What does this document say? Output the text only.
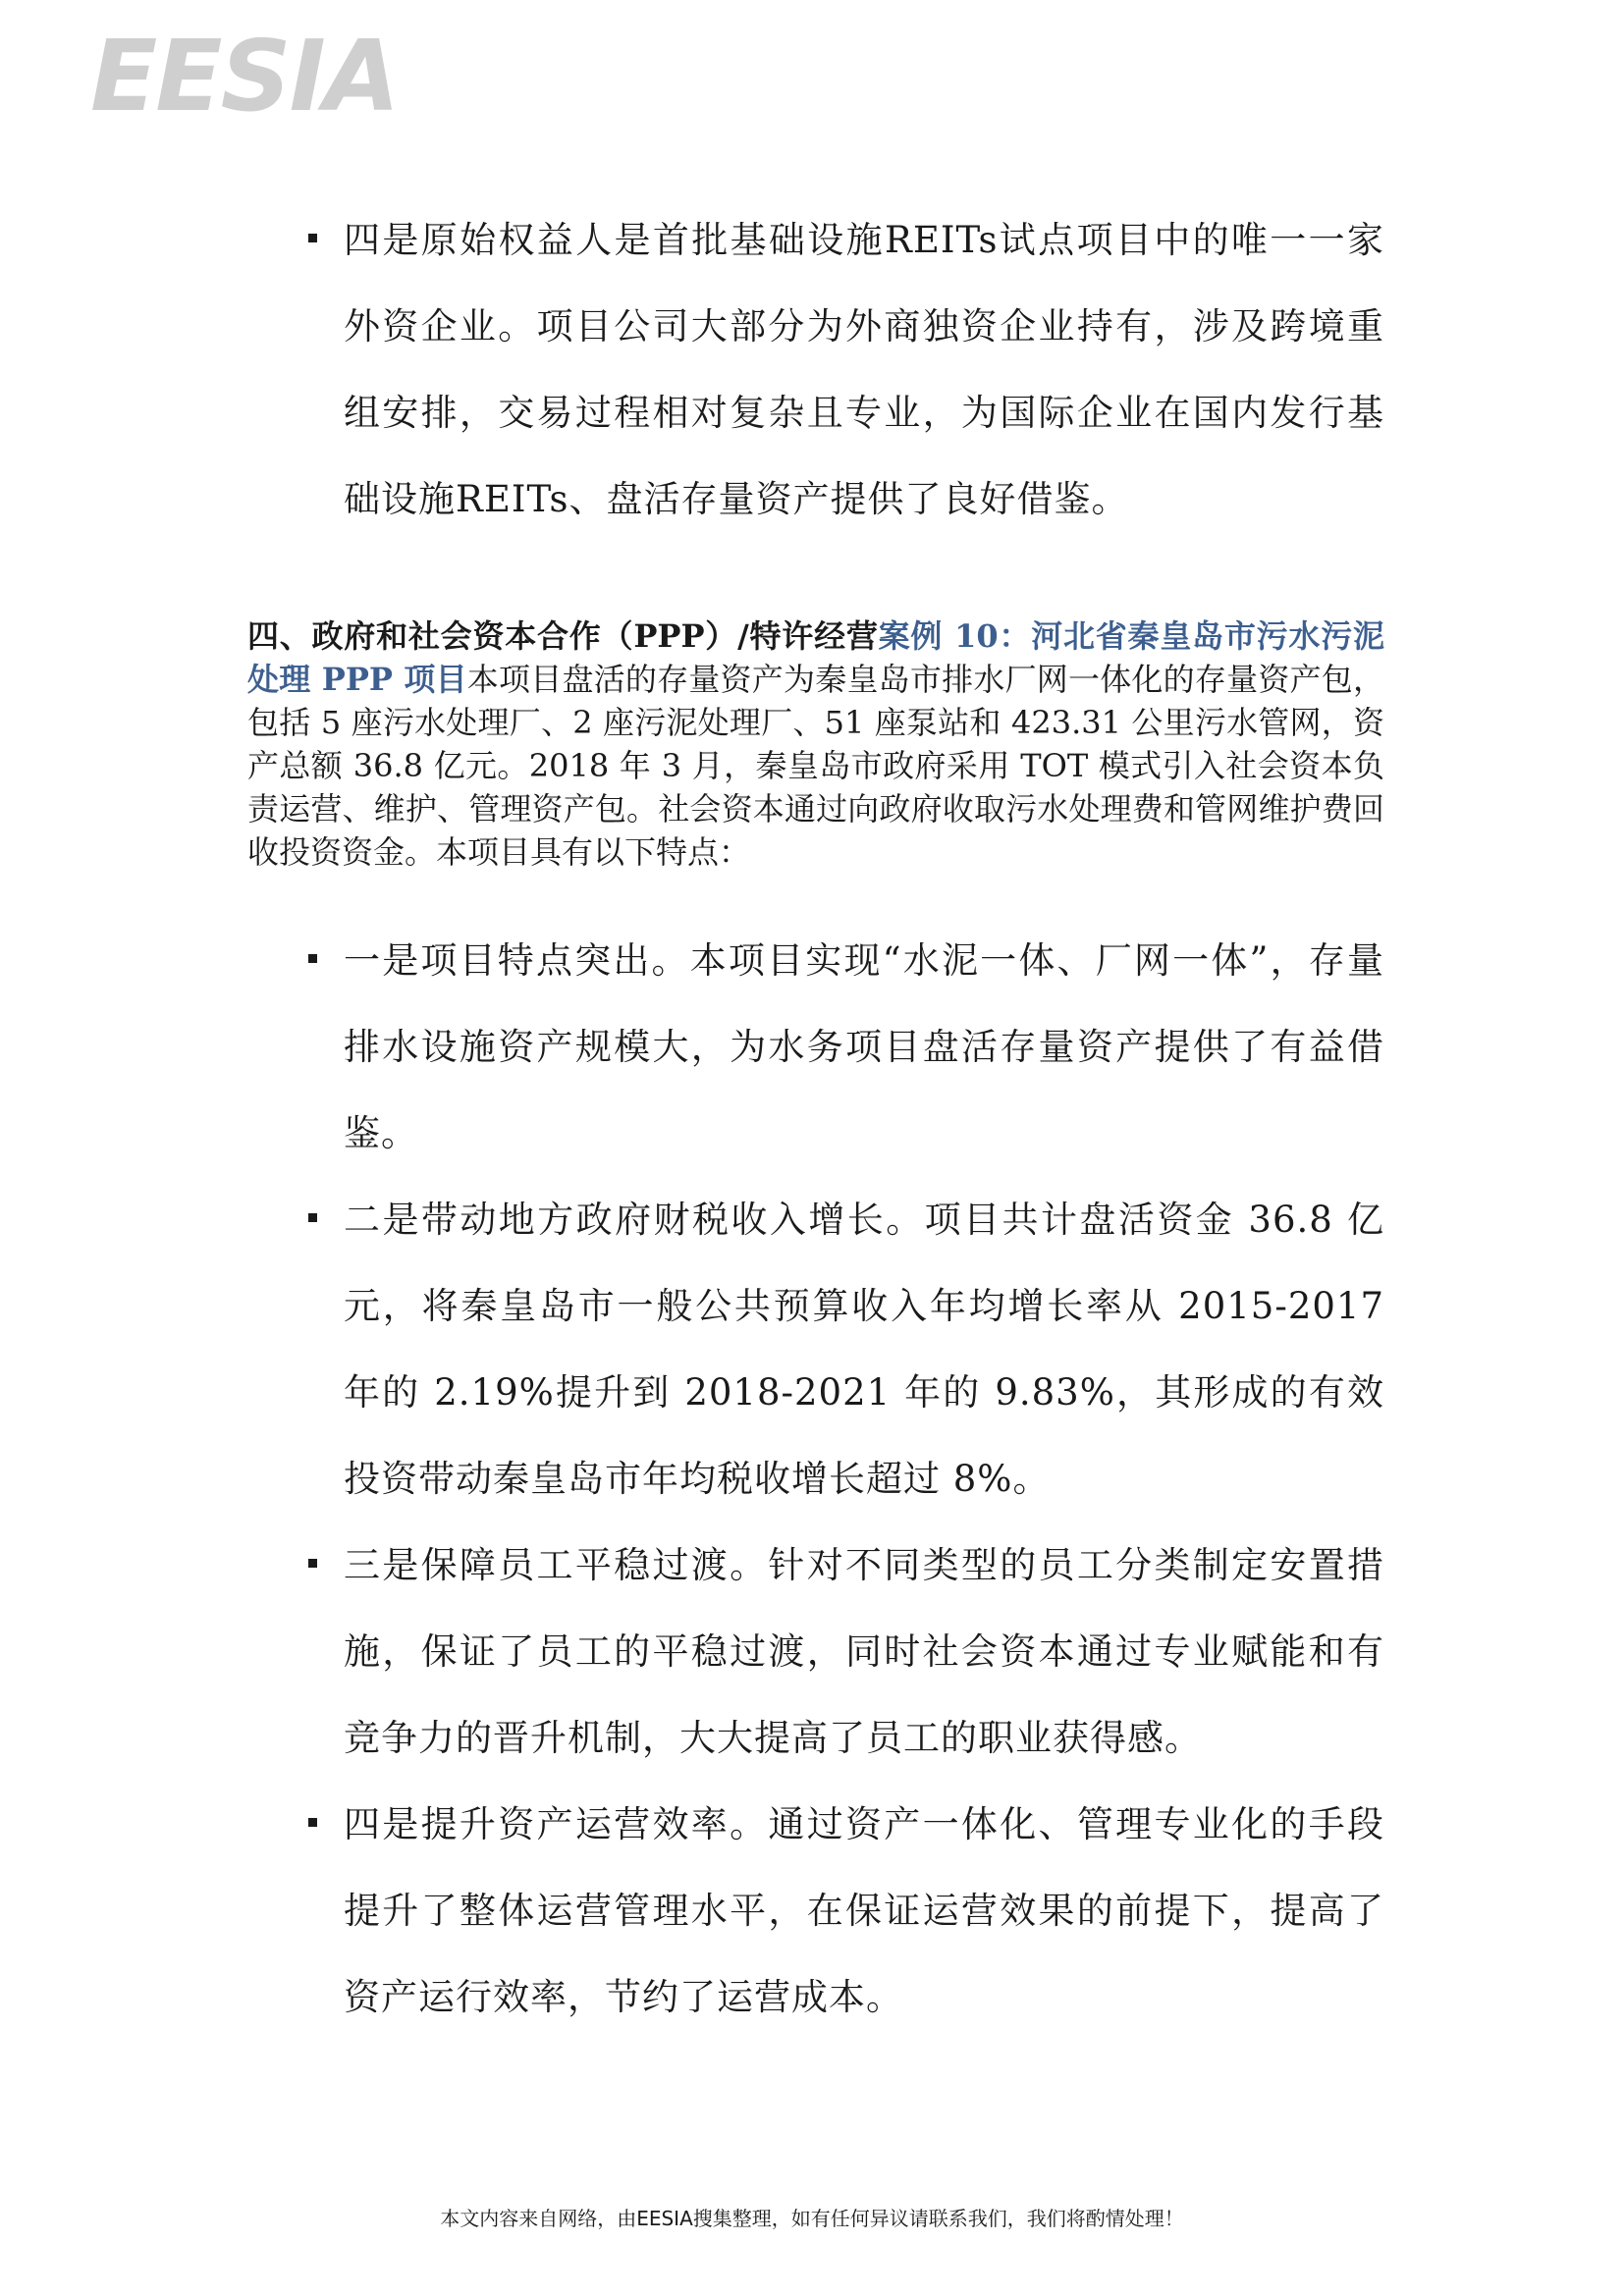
EESIA
四是原始权益人是首批基础设施REITs试点项目中的唯一一家外资企业。项目公司大部分为外商独资企业持有，涉及跨境重组安排，交易过程相对复杂且专业，为国际企业在国内发行基础设施REITs、盘活存量资产提供了良好借鉴。
四、政府和社会资本合作（PPP）/特许经营案例 10：河北省秦皇岛市污水污泥处理 PPP 项目本项目盘活的存量资产为秦皇岛市排水厂网一体化的存量资产包，包括 5 座污水处理厂、2 座污泥处理厂、51 座泵站和 423.31 公里污水管网，资产总额 36.8 亿元。2018 年 3 月，秦皇岛市政府采用 TOT 模式引入社会资本负责运营、维护、管理资产包。社会资本通过向政府收取污水处理费和管网维护费回收投资资金。本项目具有以下特点：
一是项目特点突出。本项目实现“水泥一体、厂网一体”，存量排水设施资产规模大，为水务项目盘活存量资产提供了有益借鉴。
二是带动地方政府财税收入增长。项目共计盘活资金 36.8 亿元，将秦皇岛市一般公共预算收入年均增长率从 2015-2017 年的 2.19%提升到 2018-2021 年的 9.83%，其形成的有效投资带动秦皇岛市年均税收增长超过 8%。
三是保障员工平稳过渡。针对不同类型的员工分类制定安置措施，保证了员工的平稳过渡，同时社会资本通过专业赋能和有竞争力的晋升机制，大大提高了员工的职业获得感。
四是提升资产运营效率。通过资产一体化、管理专业化的手段提升了整体运营管理水平，在保证运营效果的前提下，提高了资产运行效率，节约了运营成本。
本文内容来自网络，由EESIA搜集整理，如有任何异议请联系我们，我们将酌情处理！
